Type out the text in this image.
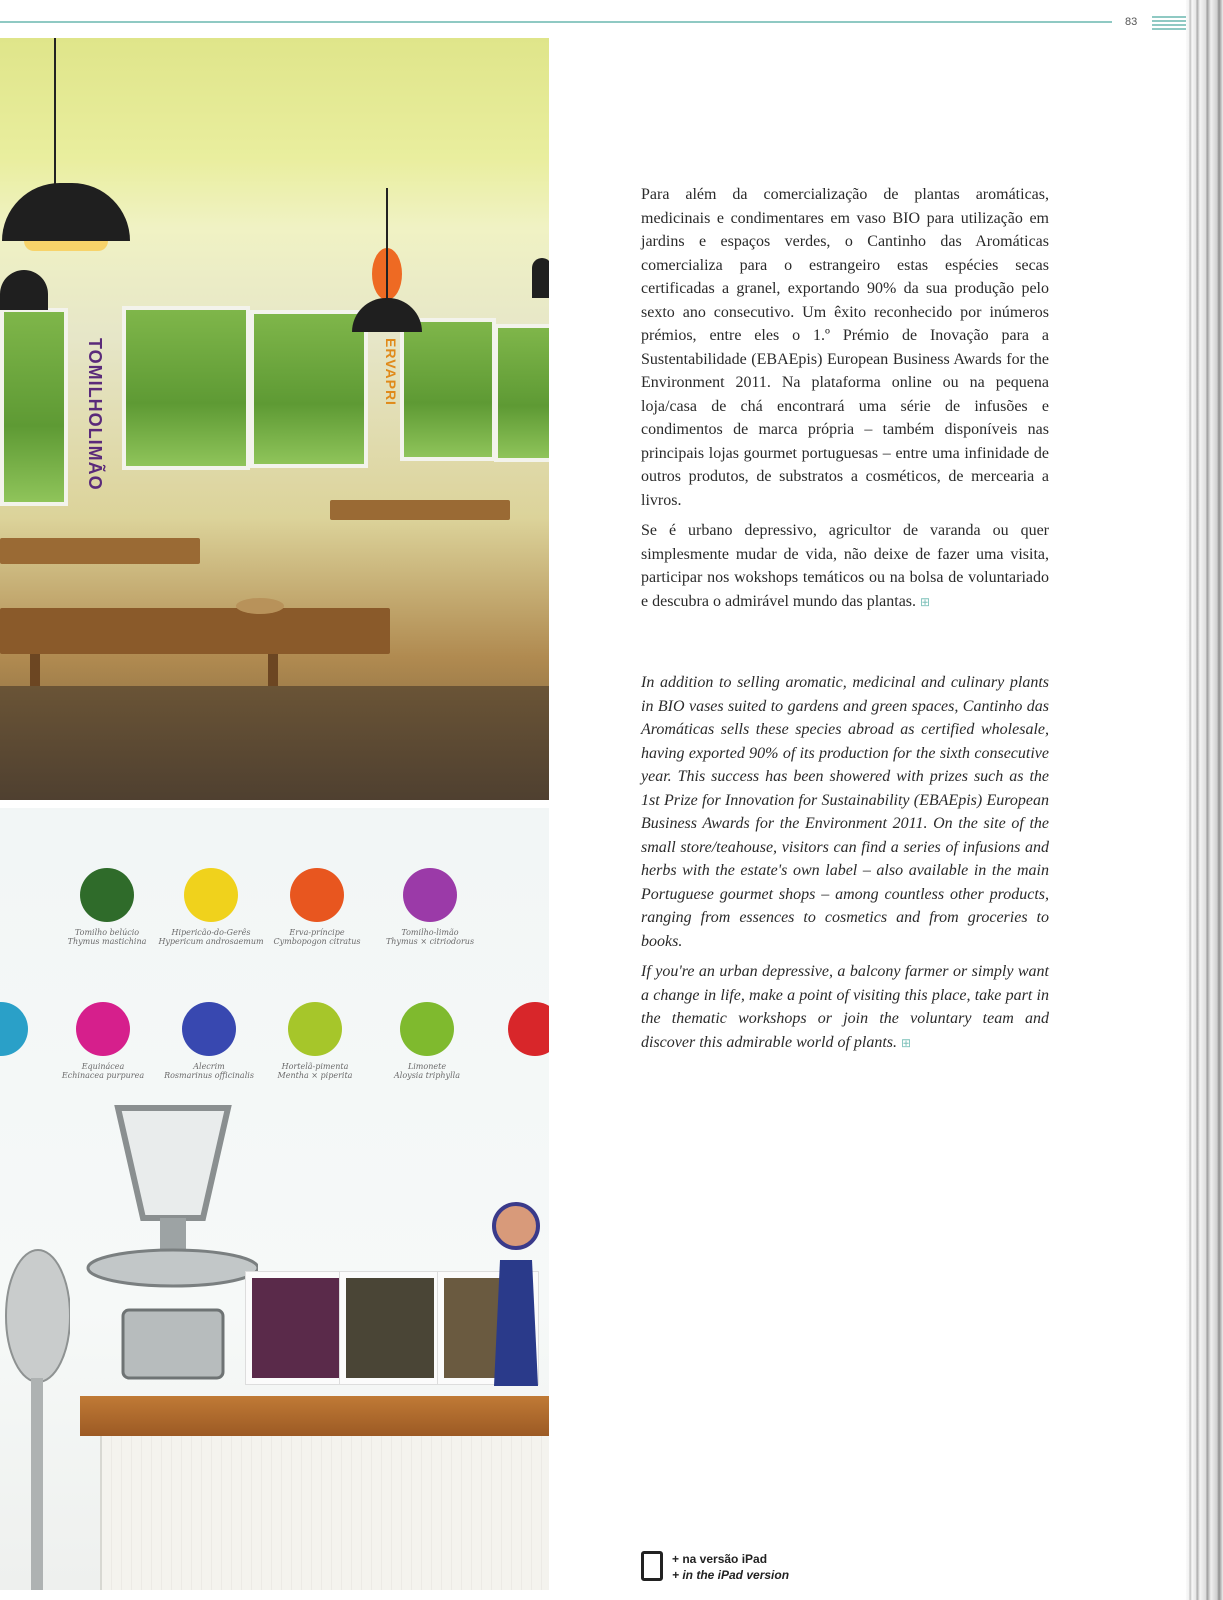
83
TOMILHOLIMÃO	ERVAPRI
Tomilho belúcio
Thymus mastichina
Hipericão-do-Gerês
Hypericum androsaemum
Erva-príncipe
Cymbopogon citratus
Tomilho-limão
Thymus × citriodorus
Equinácea
Echinacea purpurea
Alecrim
Rosmarinus officinalis
Hortelã-pimenta
Mentha × piperita
Limonete
Aloysia triphylla

Para além da comercialização de plantas aromáticas, medicinais e condimentares em vaso BIO para utilização em jardins e espaços verdes, o Cantinho das Aromáticas comercializa para o estrangeiro estas espécies secas certificadas a granel, exportando 90% da sua produção pelo sexto ano consecutivo. Um êxito reconhecido por inúmeros prémios, entre eles o 1.º Prémio de Inovação para a Sustentabilidade (EBAEpis) European Business Awards for the Environment 2011. Na plataforma online ou na pequena loja/casa de chá encontrará uma série de infusões e condimentos de marca própria – também disponíveis nas principais lojas gourmet portuguesas – entre uma infinidade de outros produtos, de substratos a cosméticos, de mercearia a livros.

Se é urbano depressivo, agricultor de varanda ou quer simplesmente mudar de vida, não deixe de fazer uma visita, participar nos wokshops temáticos ou na bolsa de voluntariado e descubra o admirável mundo das plantas. ⊞

In addition to selling aromatic, medicinal and culinary plants in BIO vases suited to gardens and green spaces, Cantinho das Aromáticas sells these species abroad as certified wholesale, having exported 90% of its production for the sixth consecutive year. This success has been showered with prizes such as the 1st Prize for Innovation for Sustainability (EBAEpis) European Business Awards for the Environment 2011. On the site of the small store/teahouse, visitors can find a series of infusions and herbs with the estate's own label – also available in the main Portuguese gourmet shops – among countless other products, ranging from essences to cosmetics and from groceries to books.

If you're an urban depressive, a balcony farmer or simply want a change in life, make a point of visiting this place, take part in the thematic workshops or join the voluntary team and discover this admirable world of plants. ⊞

+ na versão iPad
+ in the iPad version
